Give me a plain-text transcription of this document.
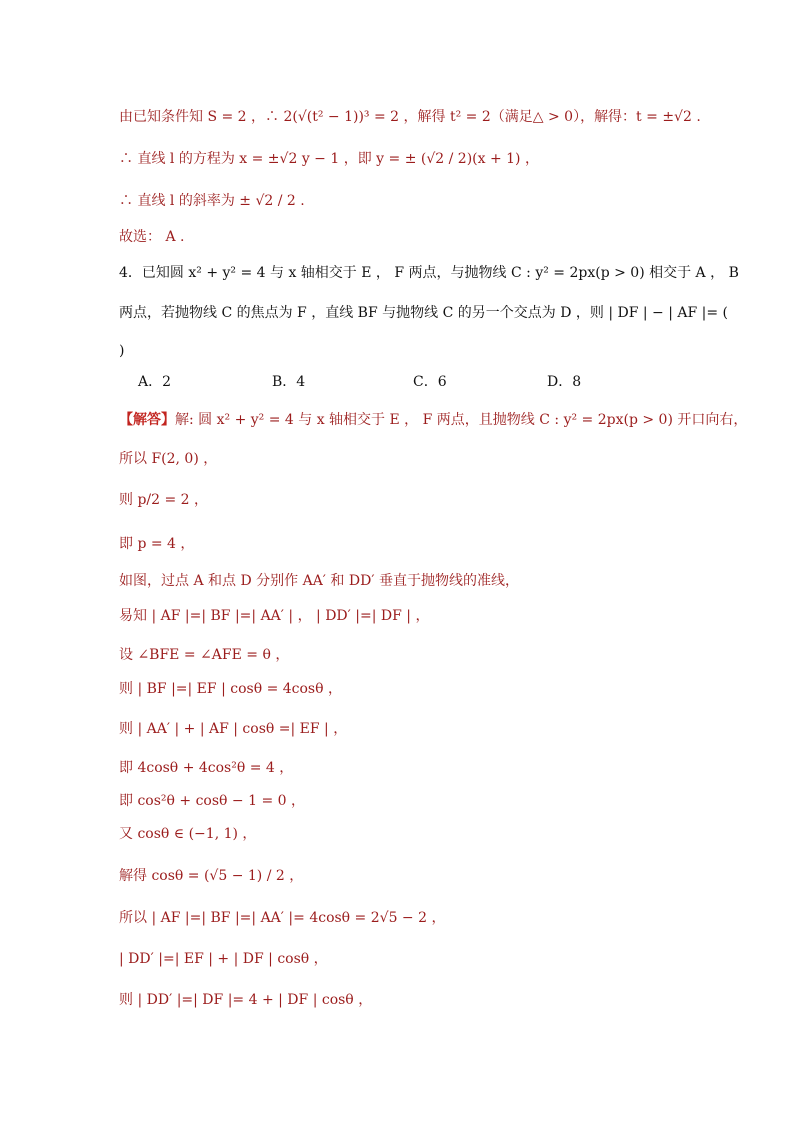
由已知条件知 S = 2 ，∴ 2(√(t² − 1))³ = 2 ，解得 t² = 2（满足△ > 0），解得：t = ±√2 .
∴ 直线 l 的方程为 x = ±√2 y − 1 ，即 y = ± (√2 / 2)(x + 1) ，
∴ 直线 l 的斜率为 ± √2 / 2 .
故选： A .
4．已知圆 x² + y² = 4 与 x 轴相交于 E ， F 两点，与抛物线 C : y² = 2px(p > 0) 相交于 A ， B
两点，若抛物线 C 的焦点为 F ，直线 BF 与抛物线 C 的另一个交点为 D ，则 | DF | − | AF |= (
)
A．2	B．4	C．6	D．8
【解答】解: 圆 x² + y² = 4 与 x 轴相交于 E ， F 两点，且抛物线 C : y² = 2px(p > 0) 开口向右，
所以 F(2, 0) ，
则 p/2 = 2 ，
即 p = 4 ，
如图，过点 A 和点 D 分别作 AA′ 和 DD′ 垂直于抛物线的准线，
易知 | AF |=| BF |=| AA′ | ， | DD′ |=| DF | ，
设 ∠BFE = ∠AFE = θ ，
则 | BF |=| EF | cosθ = 4cosθ ，
则 | AA′ | + | AF | cosθ =| EF | ，
即 4cosθ + 4cos²θ = 4 ，
即 cos²θ + cosθ − 1 = 0 ，
又 cosθ ∈ (−1, 1) ，
解得 cosθ = (√5 − 1) / 2 ，
所以 | AF |=| BF |=| AA′ |= 4cosθ = 2√5 − 2 ，
| DD′ |=| EF | + | DF | cosθ ，
则 | DD′ |=| DF |= 4 + | DF | cosθ ，
